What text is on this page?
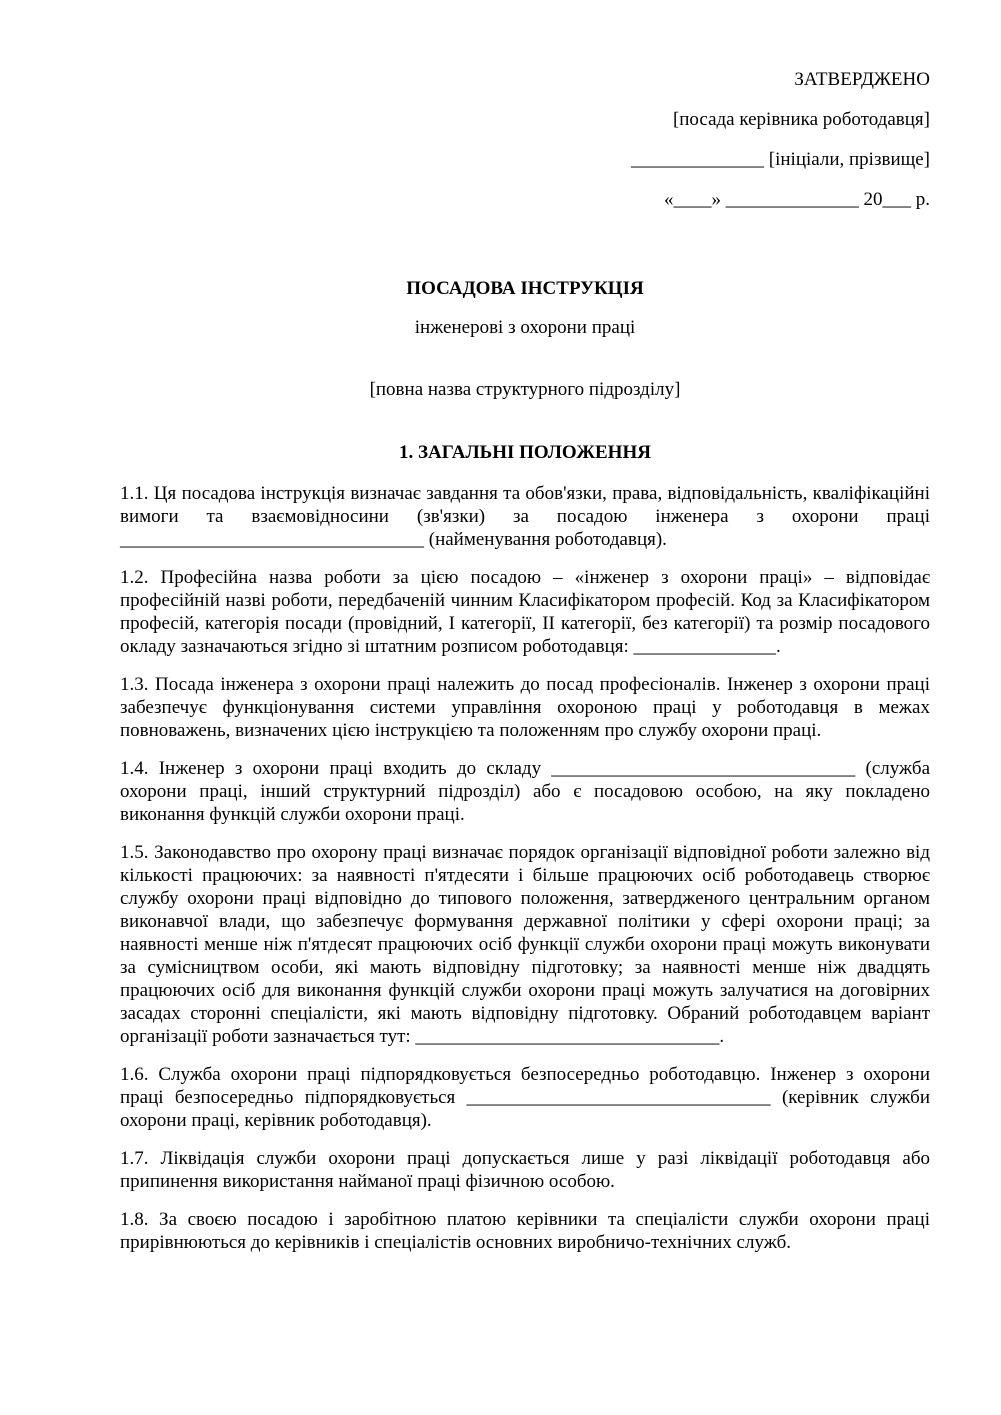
ЗАТВЕРДЖЕНО
[посада керівника роботодавця]
______________ [ініціали, прізвище]
«____» ______________ 20___ р.
ПОСАДОВА ІНСТРУКЦІЯ
інженерові з охорони праці
[повна назва структурного підрозділу]
1. ЗАГАЛЬНІ ПОЛОЖЕННЯ

1.1. Ця посадова інструкція визначає завдання та обов'язки, права, відповідальність, кваліфікаційні вимоги та взаємовідносини (зв'язки) за посадою інженера з охорони праці ________________________________ (найменування роботодавця).

1.2. Професійна назва роботи за цією посадою – «інженер з охорони праці» – відповідає професійній назві роботи, передбаченій чинним Класифікатором професій. Код за Класифікатором професій, категорія посади (провідний, І категорії, ІІ категорії, без категорії) та розмір посадового окладу зазначаються згідно зі штатним розписом роботодавця: _______________.

1.3. Посада інженера з охорони праці належить до посад професіоналів. Інженер з охорони праці забезпечує функціонування системи управління охороною праці у роботодавця в межах повноважень, визначених цією інструкцією та положенням про службу охорони праці.

1.4. Інженер з охорони праці входить до складу ________________________________ (служба охорони праці, інший структурний підрозділ) або є посадовою особою, на яку покладено виконання функцій служби охорони праці.

1.5. Законодавство про охорону праці визначає порядок організації відповідної роботи залежно від кількості працюючих: за наявності п'ятдесяти і більше працюючих осіб роботодавець створює службу охорони праці відповідно до типового положення, затвердженого центральним органом виконавчої влади, що забезпечує формування державної політики у сфері охорони праці; за наявності менше ніж п'ятдесят працюючих осіб функції служби охорони праці можуть виконувати за сумісництвом особи, які мають відповідну підготовку; за наявності менше ніж двадцять працюючих осіб для виконання функцій служби охорони праці можуть залучатися на договірних засадах сторонні спеціалісти, які мають відповідну підготовку. Обраний роботодавцем варіант організації роботи зазначається тут: ________________________________.

1.6. Служба охорони праці підпорядковується безпосередньо роботодавцю. Інженер з охорони праці безпосередньо підпорядковується ________________________________ (керівник служби охорони праці, керівник роботодавця).

1.7. Ліквідація служби охорони праці допускається лише у разі ліквідації роботодавця або припинення використання найманої праці фізичною особою.

1.8. За своєю посадою і заробітною платою керівники та спеціалісти служби охорони праці прирівнюються до керівників і спеціалістів основних виробничо-технічних служб.
